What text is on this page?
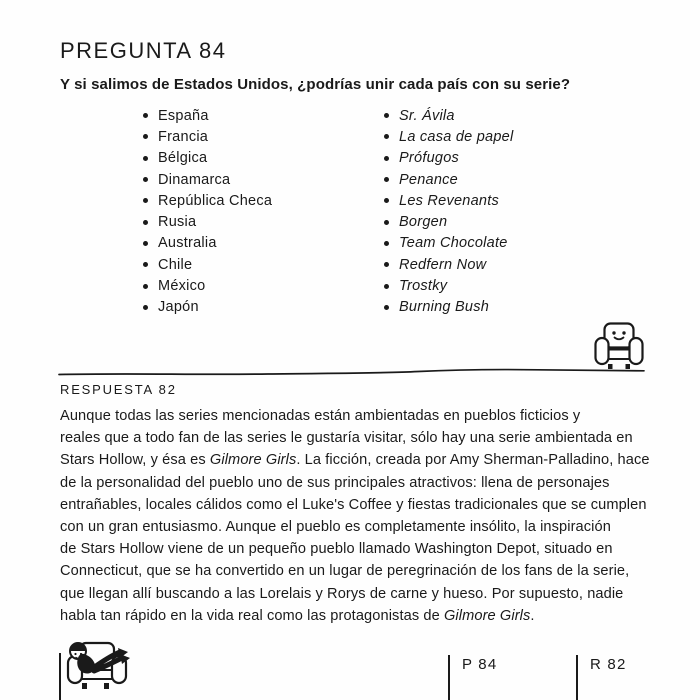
PREGUNTA 84

Y si salimos de Estados Unidos, ¿podrías unir cada país con su serie?

España
Francia
Bélgica
Dinamarca
República Checa
Rusia
Australia
Chile
México
Japón
Sr. Ávila
La casa de papel
Prófugos
Penance
Les Revenants
Borgen
Team Chocolate
Redfern Now
Trostky
Burning Bush
RESPUESTA 82
Aunque todas las series mencionadas están ambientadas en pueblos ficticios y
reales que a todo fan de las series le gustaría visitar, sólo hay una serie ambientada en
Stars Hollow, y ésa es Gilmore Girls. La ficción, creada por Amy Sherman-Palladino, hace
de la personalidad del pueblo uno de sus principales atractivos: llena de personajes
entrañables, locales cálidos como el Luke's Coffee y fiestas tradicionales que se cumplen
con un gran entusiasmo. Aunque el pueblo es completamente insólito, la inspiración
de Stars Hollow viene de un pequeño pueblo llamado Washington Depot, situado en
Connecticut, que se ha convertido en un lugar de peregrinación de los fans de la serie,
que llegan allí buscando a las Lorelais y Rorys de carne y hueso. Por supuesto, nadie
habla tan rápido en la vida real como las protagonistas de Gilmore Girls.
P 84	R 82
